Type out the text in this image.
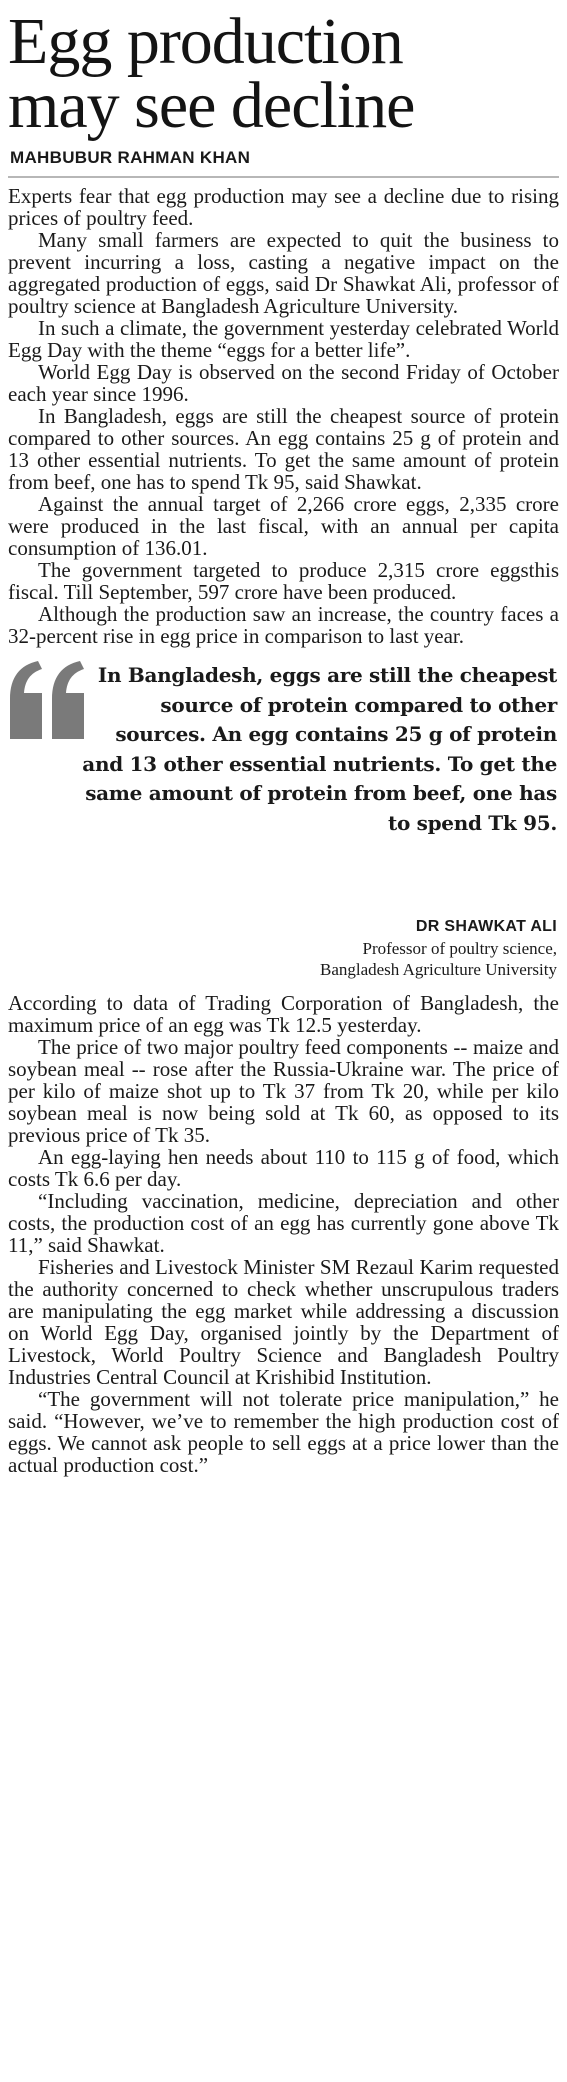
Egg production
may see decline
MAHBUBUR RAHMAN KHAN

Experts fear that egg production may see a decline due to rising prices of poultry feed.

Many small farmers are expected to quit the business to prevent incurring a loss, casting a negative impact on the aggregated production of eggs, said Dr Shawkat Ali, professor of poultry science at Bangladesh Agriculture University.

In such a climate, the government yesterday celebrated World Egg Day with the theme “eggs for a better life”.

World Egg Day is observed on the second Friday of October each year since 1996.

In Bangladesh, eggs are still the cheapest source of protein compared to other sources. An egg contains 25 g of protein and 13 other essential nutrients. To get the same amount of protein from beef, one has to spend Tk 95, said Shawkat.

Against the annual target of 2,266 crore eggs, 2,335 crore were produced in the last fiscal, with an annual per capita consumption of 136.01.

The government targeted to produce 2,315 crore eggsthis fiscal. Till September, 597 crore have been produced.

Although the production saw an increase, the country faces a 32-percent rise in egg price in comparison to last year.

In Bangladesh, eggs are still the cheapest source of protein compared to other sources. An egg contains 25 g of protein and 13 other essential nutrients. To get the same amount of protein from beef, one has to spend Tk 95.
DR SHAWKAT ALI
Professor of poultry science,
Bangladesh Agriculture University

According to data of Trading Corporation of Bangladesh, the maximum price of an egg was Tk 12.5 yesterday.

The price of two major poultry feed components -- maize and soybean meal -- rose after the Russia-Ukraine war. The price of per kilo of maize shot up to Tk 37 from Tk 20, while per kilo soybean meal is now being sold at Tk 60, as opposed to its previous price of Tk 35.

An egg-laying hen needs about 110 to 115 g of food, which costs Tk 6.6 per day.

“Including vaccination, medicine, depreciation and other costs, the production cost of an egg has currently gone above Tk 11,” said Shawkat.

Fisheries and Livestock Minister SM Rezaul Karim requested the authority concerned to check whether unscrupulous traders are manipulating the egg market while addressing a discussion on World Egg Day, organised jointly by the Department of Livestock, World Poultry Science and Bangladesh Poultry Industries Central Council at Krishibid Institution.

“The government will not tolerate price manipulation,” he said. “However, we’ve to remember the high production cost of eggs. We cannot ask people to sell eggs at a price lower than the actual production cost.”
